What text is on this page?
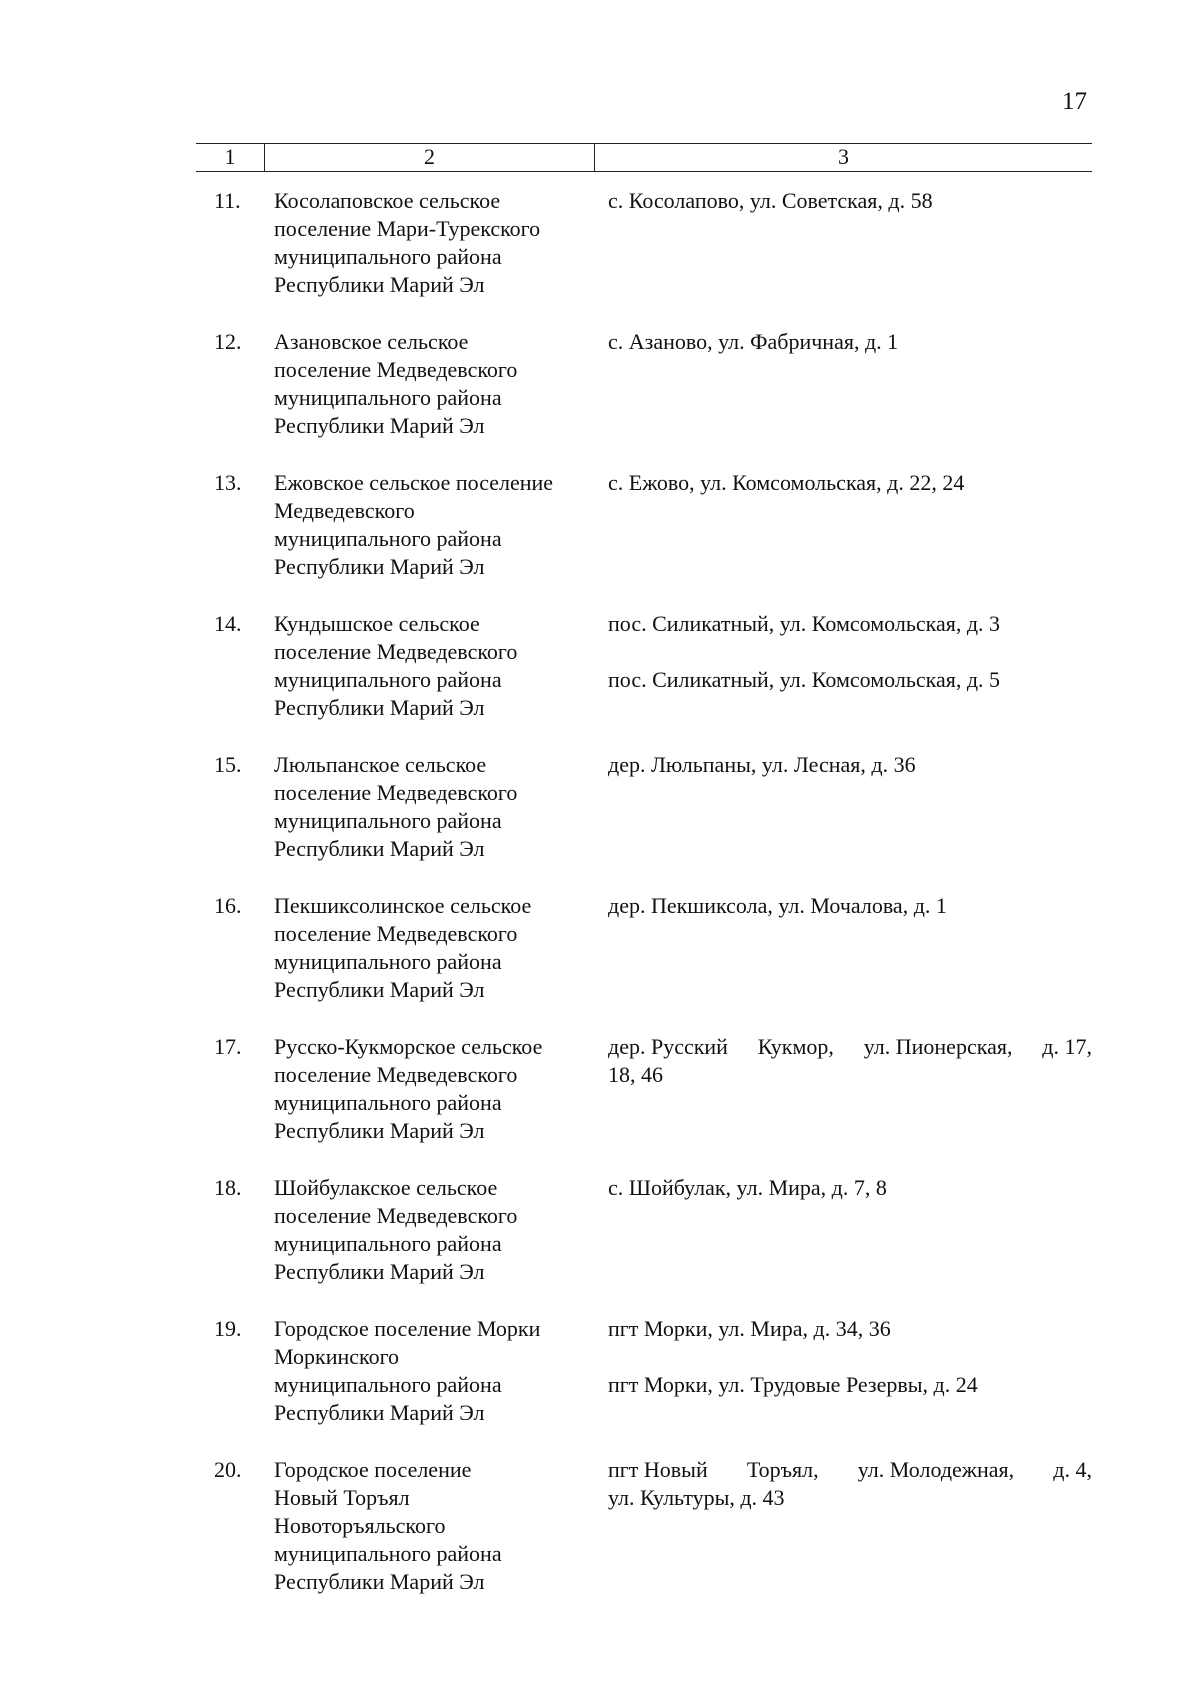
17
1	2	3
11. Косолаповское сельское
поселение Мари-Турекского
муниципального района
Республики Марий Эл
с. Косолапово, ул. Советская, д. 58
12. Азановское сельское
поселение Медведевского
муниципального района
Республики Марий Эл
с. Азаново, ул. Фабричная, д. 1
13. Ежовское сельское поселение
Медведевского
муниципального района
Республики Марий Эл
с. Ежово, ул. Комсомольская, д. 22, 24
14. Кундышское сельское
поселение Медведевского
муниципального района
Республики Марий Эл
пос. Силикатный, ул. Комсомольская, д. 3
пос. Силикатный, ул. Комсомольская, д. 5
15. Люльпанское сельское
поселение Медведевского
муниципального района
Республики Марий Эл
дер. Люльпаны, ул. Лесная, д. 36
16. Пекшиксолинское сельское
поселение Медведевского
муниципального района
Республики Марий Эл
дер. Пекшиксола, ул. Мочалова, д. 1
17. Русско-Кукморское сельское
поселение Медведевского
муниципального района
Республики Марий Эл
дер. Русский Кукмор, ул. Пионерская, д. 17,
18, 46
18. Шойбулакское сельское
поселение Медведевского
муниципального района
Республики Марий Эл
с. Шойбулак, ул. Мира, д. 7, 8
19. Городское поселение Морки
Моркинского
муниципального района
Республики Марий Эл
пгт Морки, ул. Мира, д. 34, 36
пгт Морки, ул. Трудовые Резервы, д. 24
20. Городское поселение
Новый Торъял
Новоторъяльского
муниципального района
Республики Марий Эл
пгт Новый Торъял, ул. Молодежная, д. 4,
ул. Культуры, д. 43
